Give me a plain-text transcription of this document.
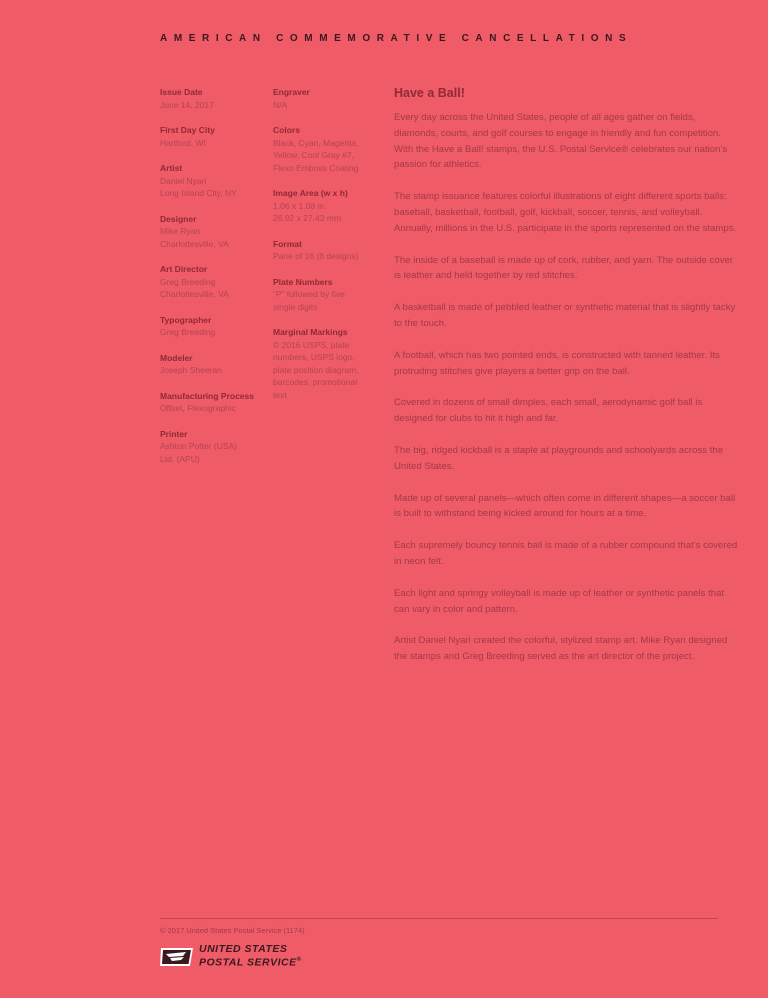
AMERICAN COMMEMORATIVE CANCELLATIONS
Issue Date
June 14, 2017
First Day City
Hartford, WI
Artist
Daniel Nyari
Long Island City, NY
Designer
Mike Ryan
Charlottesville, VA
Art Director
Greg Breeding
Charlottesville, VA
Typographer
Greg Breeding
Modeler
Joseph Sheeran
Manufacturing Process
Offset, Flexographic
Printer
Ashton Potter (USA)
Ltd. (APU)
Engraver
N/A
Colors
Black, Cyan, Magenta,
Yellow, Cool Gray #7,
Flexo Emboss Coating
Image Area (w x h)
1.06 x 1.08 in.
26.92 x 27.43 mm
Format
Pane of 16 (8 designs)
Plate Numbers
“P” followed by five
single digits
Marginal Markings
© 2016 USPS, plate
numbers, USPS logo,
plate position diagram,
barcodes, promotional
text
Have a Ball!

Every day across the United States, people of all ages gather on fields, diamonds, courts, and golf courses to engage in friendly and fun competition. With the Have a Ball! stamps, the U.S. Postal Service® celebrates our nation’s passion for athletics.

The stamp issuance features colorful illustrations of eight different sports balls: baseball, basketball, football, golf, kickball, soccer, tennis, and volleyball. Annually, millions in the U.S. participate in the sports represented on the stamps.

The inside of a baseball is made up of cork, rubber, and yarn. The outside cover is leather and held together by red stitches.

A basketball is made of pebbled leather or synthetic material that is slightly tacky to the touch.

A football, which has two pointed ends, is constructed with tanned leather. Its protruding stitches give players a better grip on the ball.

Covered in dozens of small dimples, each small, aerodynamic golf ball is designed for clubs to hit it high and far.

The big, ridged kickball is a staple at playgrounds and schoolyards across the United States.

Made up of several panels—which often come in different shapes—a soccer ball is built to withstand being kicked around for hours at a time.

Each supremely bouncy tennis ball is made of a rubber compound that’s covered in neon felt.

Each light and springy volleyball is made up of leather or synthetic panels that can vary in color and pattern.

Artist Daniel Nyari created the colorful, stylized stamp art. Mike Ryan designed the stamps and Greg Breeding served as the art director of the project.

© 2017 United States Postal Service (1174)
UNITED STATES
POSTAL SERVICE®
